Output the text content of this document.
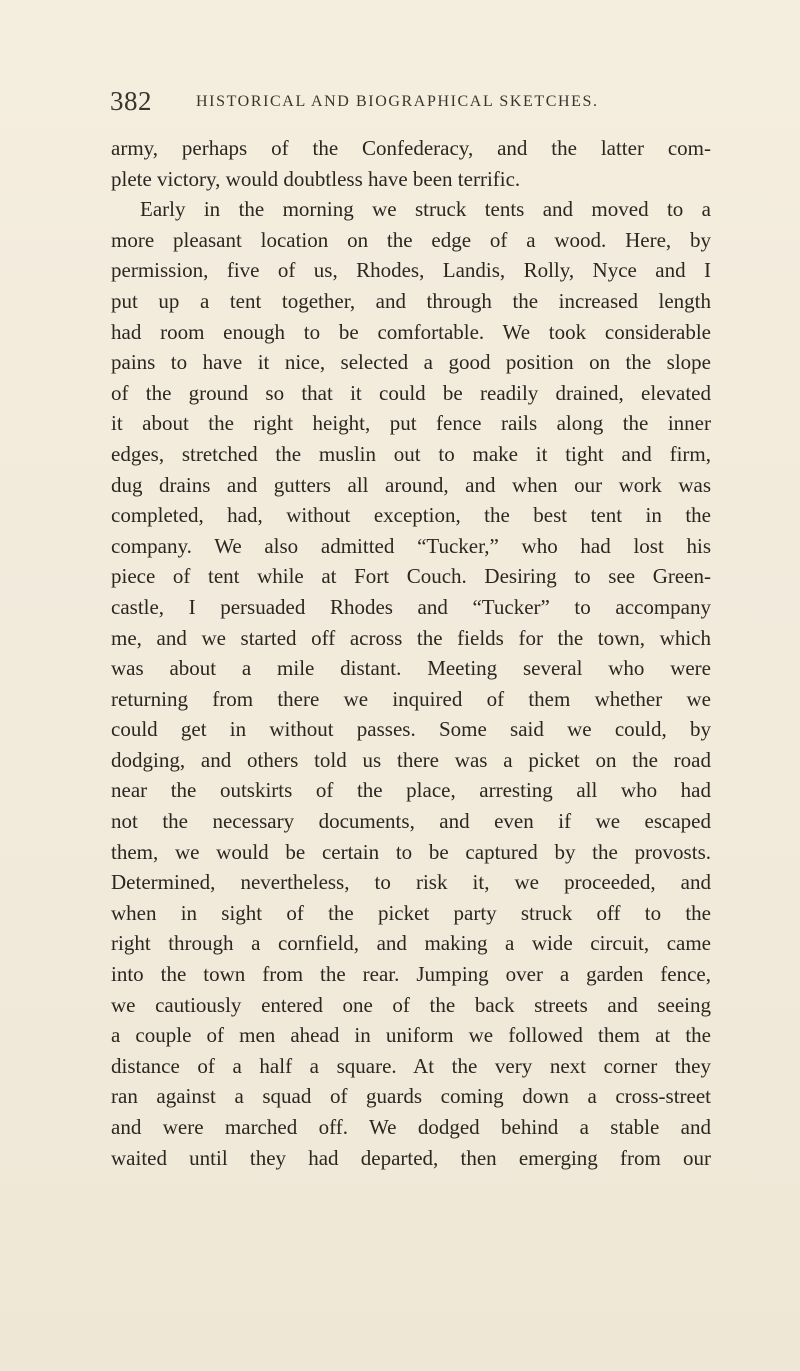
382	HISTORICAL AND BIOGRAPHICAL SKETCHES.
army, perhaps of the Confederacy, and the latter com-
plete victory, would doubtless have been terrific.
Early in the morning we struck tents and moved to a
more pleasant location on the edge of a wood. Here, by
permission, five of us, Rhodes, Landis, Rolly, Nyce and I
put up a tent together, and through the increased length
had room enough to be comfortable. We took considerable
pains to have it nice, selected a good position on the slope
of the ground so that it could be readily drained, elevated
it about the right height, put fence rails along the inner
edges, stretched the muslin out to make it tight and firm,
dug drains and gutters all around, and when our work was
completed, had, without exception, the best tent in the
company. We also admitted “Tucker,” who had lost his
piece of tent while at Fort Couch. Desiring to see Green-
castle, I persuaded Rhodes and “Tucker” to accompany
me, and we started off across the fields for the town, which
was about a mile distant. Meeting several who were
returning from there we inquired of them whether we
could get in without passes. Some said we could, by
dodging, and others told us there was a picket on the road
near the outskirts of the place, arresting all who had
not the necessary documents, and even if we escaped
them, we would be certain to be captured by the provosts.
Determined, nevertheless, to risk it, we proceeded, and
when in sight of the picket party struck off to the
right through a cornfield, and making a wide circuit, came
into the town from the rear. Jumping over a garden fence,
we cautiously entered one of the back streets and seeing
a couple of men ahead in uniform we followed them at the
distance of a half a square. At the very next corner they
ran against a squad of guards coming down a cross-street
and were marched off. We dodged behind a stable and
waited until they had departed, then emerging from our
